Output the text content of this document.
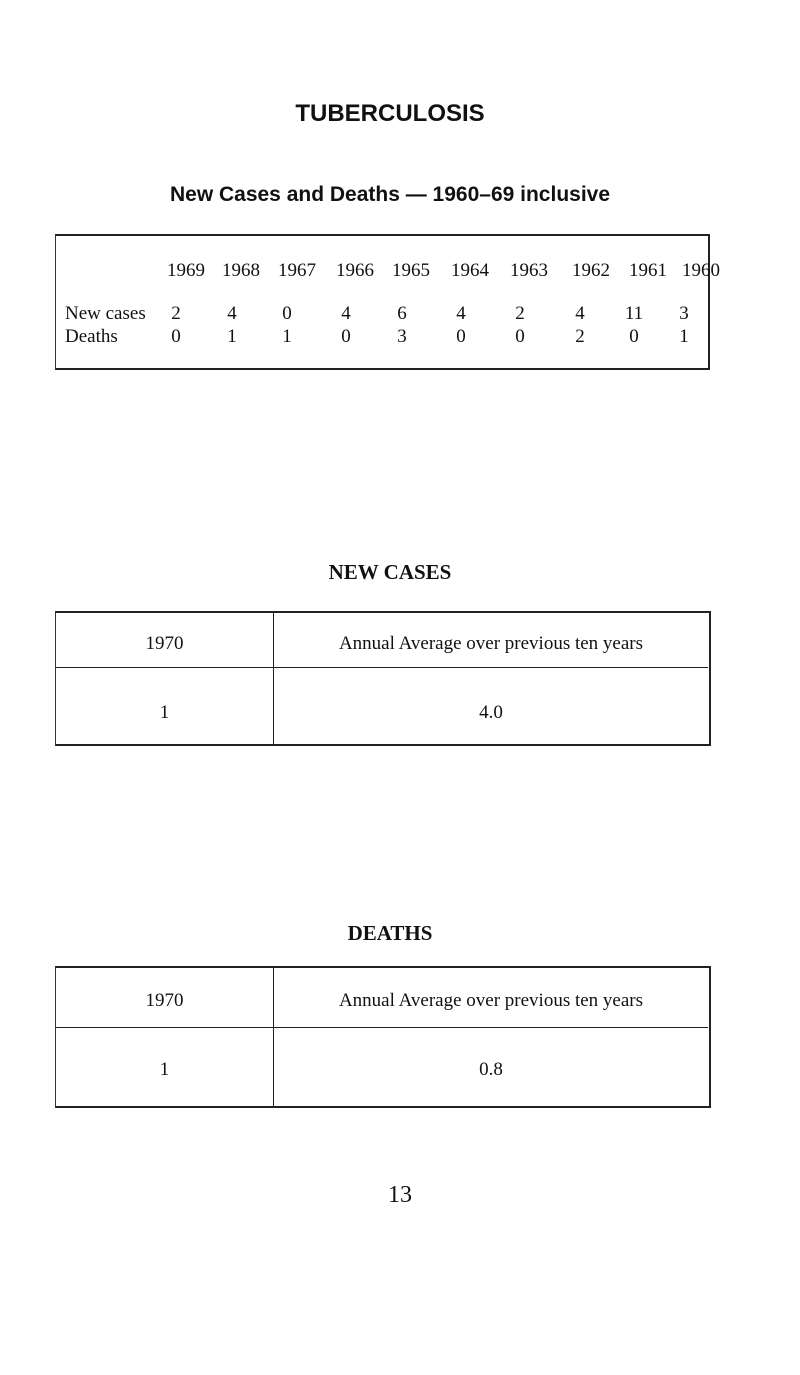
TUBERCULOSIS
New Cases and Deaths — 1960–69 inclusive
1969 1968 1967	1966 1965	1964	1963	1962	1961 1960
New cases 2 4 0	4 6	4	2	4	11	3
Deaths	0 1 1	0 3	0	0	2 0 1
NEW CASES
1970	Annual Average over previous ten years
1	4.0
DEATHS
1970	Annual Average over previous ten years
1	0.8
13
